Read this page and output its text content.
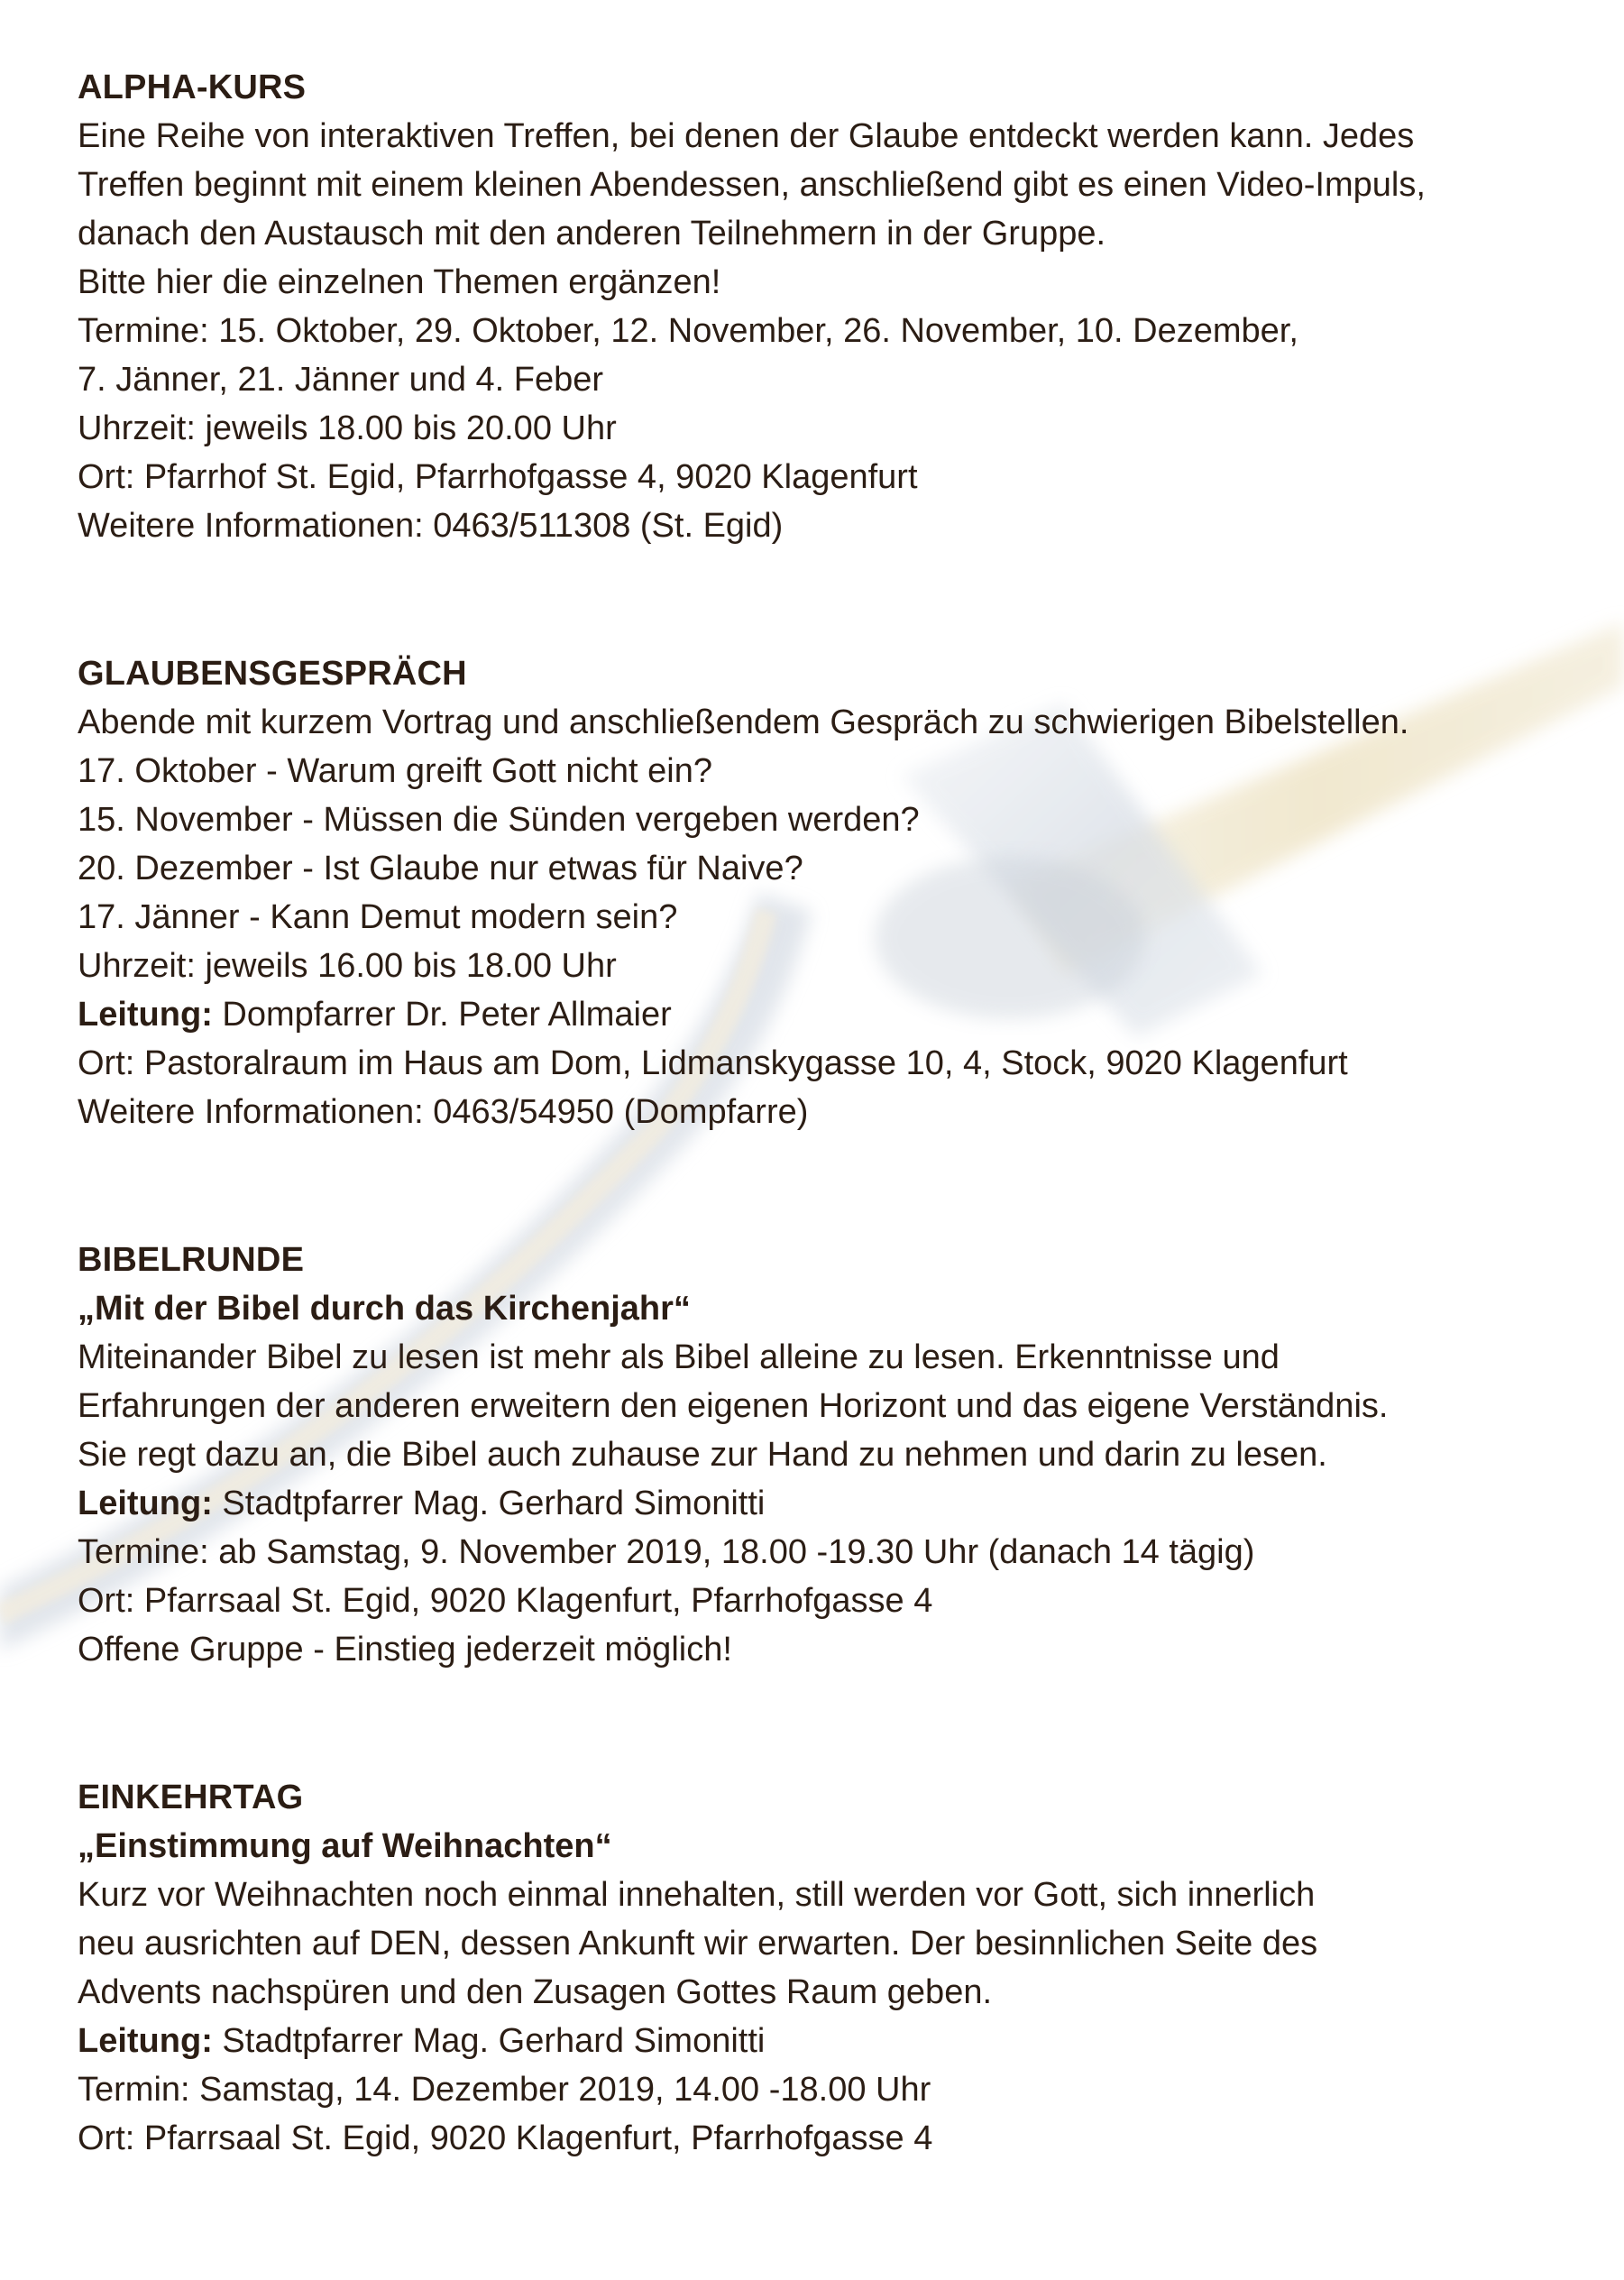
ALPHA-KURS

Eine Reihe von interaktiven Treffen, bei denen der Glaube entdeckt werden kann. Jedes

Treffen beginnt mit einem kleinen Abendessen, anschließend gibt es einen Video-Impuls,

danach den Austausch mit den anderen Teilnehmern in der Gruppe.

Bitte hier die einzelnen Themen ergänzen!

Termine: 15. Oktober, 29. Oktober, 12. November, 26. November, 10. Dezember,

7. Jänner, 21. Jänner und 4. Feber

Uhrzeit: jeweils 18.00 bis 20.00 Uhr

Ort: Pfarrhof St. Egid, Pfarrhofgasse 4, 9020 Klagenfurt

Weitere Informationen: 0463/511308 (St. Egid)

GLAUBENSGESPRÄCH

Abende mit kurzem Vortrag und anschließendem Gespräch zu schwierigen Bibelstellen.

17. Oktober - Warum greift Gott nicht ein?

15. November - Müssen die Sünden vergeben werden?

20. Dezember - Ist Glaube nur etwas für Naive?

17. Jänner - Kann Demut modern sein?

Uhrzeit: jeweils 16.00 bis 18.00 Uhr

Leitung: Dompfarrer Dr. Peter Allmaier

Ort: Pastoralraum im Haus am Dom, Lidmanskygasse 10, 4, Stock, 9020 Klagenfurt

Weitere Informationen: 0463/54950 (Dompfarre)

BIBELRUNDE

„Mit der Bibel durch das Kirchenjahr“

Miteinander Bibel zu lesen ist mehr als Bibel alleine zu lesen. Erkenntnisse und

Erfahrungen der anderen erweitern den eigenen Horizont und das eigene Verständnis.

Sie regt dazu an, die Bibel auch zuhause zur Hand zu nehmen und darin zu lesen.

Leitung: Stadtpfarrer Mag. Gerhard Simonitti

Termine: ab Samstag, 9. November 2019, 18.00 -19.30 Uhr (danach 14 tägig)

Ort: Pfarrsaal St. Egid, 9020 Klagenfurt, Pfarrhofgasse 4

Offene Gruppe - Einstieg jederzeit möglich!

EINKEHRTAG

„Einstimmung auf Weihnachten“

Kurz vor Weihnachten noch einmal innehalten, still werden vor Gott, sich innerlich

neu ausrichten auf DEN, dessen Ankunft wir erwarten. Der besinnlichen Seite des

Advents nachspüren und den Zusagen Gottes Raum geben.

Leitung: Stadtpfarrer Mag. Gerhard Simonitti

Termin: Samstag, 14. Dezember 2019, 14.00 -18.00 Uhr

Ort: Pfarrsaal St. Egid, 9020 Klagenfurt, Pfarrhofgasse 4
